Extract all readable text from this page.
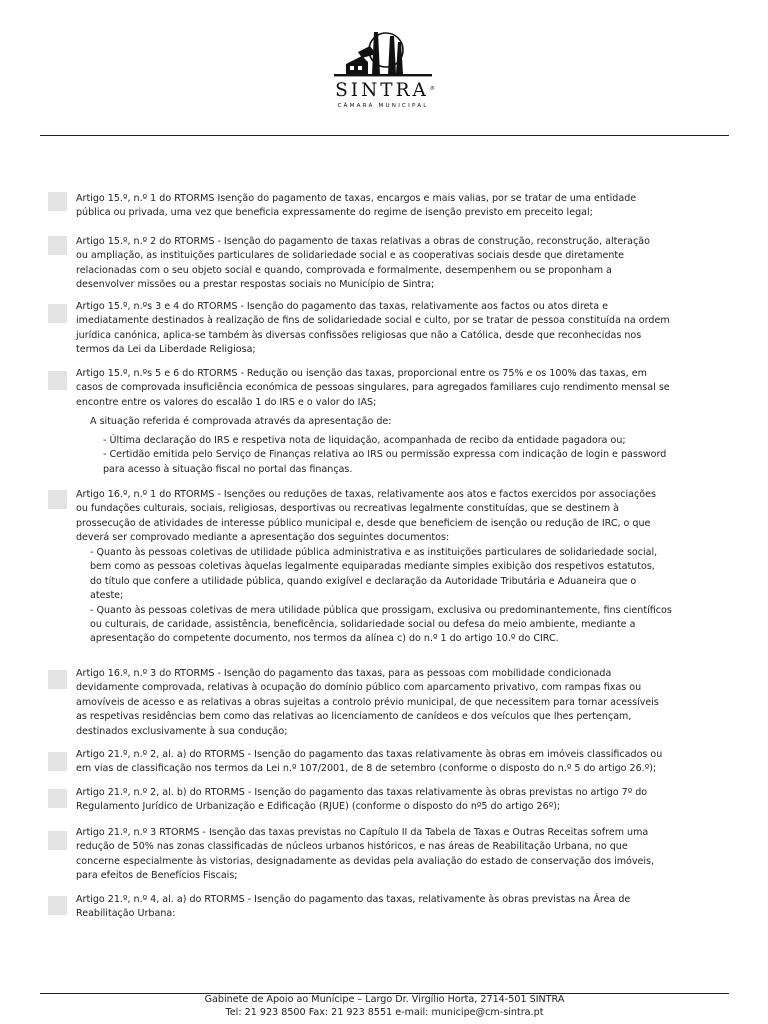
SINTRA ®
CÂMARA MUNICIPAL

Artigo 15.º, n.º 1 do RTORMS Isenção do pagamento de taxas, encargos e mais valias, por se tratar de uma entidade

pública ou privada, uma vez que beneficia expressamente do regime de isenção previsto em preceito legal;

Artigo 15.º, n.º 2 do RTORMS - Isenção do pagamento de taxas relativas a obras de construção, reconstrução, alteração

ou ampliação, as instituições particulares de solidariedade social e as cooperativas sociais desde que diretamente

relacionadas com o seu objeto social e quando, comprovada e formalmente, desempenhem ou se proponham a

desenvolver missões ou a prestar respostas sociais no Município de Sintra;

Artigo 15.º, n.ºs 3 e 4 do RTORMS - Isenção do pagamento das taxas, relativamente aos factos ou atos direta e

imediatamente destinados à realização de fins de solidariedade social e culto, por se tratar de pessoa constituída na ordem

jurídica canónica, aplica-se também às diversas confissões religiosas que não a Católica, desde que reconhecidas nos

termos da Lei da Liberdade Religiosa;

Artigo 15.º, n.ºs 5 e 6 do RTORMS - Redução ou isenção das taxas, proporcional entre os 75% e os 100% das taxas, em

casos de comprovada insuficiência económica de pessoas singulares, para agregados familiares cujo rendimento mensal se

encontre entre os valores do escalão 1 do IRS e o valor do IAS;

A situação referida é comprovada através da apresentação de:

- Última declaração do IRS e respetiva nota de liquidação, acompanhada de recibo da entidade pagadora ou;

- Certidão emitida pelo Serviço de Finanças relativa ao IRS ou permissão expressa com indicação de login e password

para acesso à situação fiscal no portal das finanças.

Artigo 16.º, n.º 1 do RTORMS - Isenções ou reduções de taxas, relativamente aos atos e factos exercidos por associações

ou fundações culturais, sociais, religiosas, desportivas ou recreativas legalmente constituídas, que se destinem à

prossecução de atividades de interesse público municipal e, desde que beneficiem de isenção ou redução de IRC, o que

deverá ser comprovado mediante a apresentação dos seguintes documentos:

- Quanto às pessoas coletivas de utilidade pública administrativa e as instituições particulares de solidariedade social,

bem como as pessoas coletivas àquelas legalmente equiparadas mediante simples exibição dos respetivos estatutos,

do título que confere a utilidade pública, quando exigível e declaração da Autoridade Tributária e Aduaneira que o

ateste;

- Quanto às pessoas coletivas de mera utilidade pública que prossigam, exclusiva ou predominantemente, fins científicos

ou culturais, de caridade, assistência, beneficência, solidariedade social ou defesa do meio ambiente, mediante a

apresentação do competente documento, nos termos da alínea c) do n.º 1 do artigo 10.º do CIRC.

Artigo 16.º, n.º 3 do RTORMS - Isenção do pagamento das taxas, para as pessoas com mobilidade condicionada

devidamente comprovada, relativas à ocupação do domínio público com aparcamento privativo, com rampas fixas ou

amovíveis de acesso e as relativas a obras sujeitas a controlo prévio municipal, de que necessitem para tornar acessíveis

as respetivas residências bem como das relativas ao licenciamento de canídeos e dos veículos que lhes pertençam,

destinados exclusivamente à sua condução;

Artigo 21.º, n.º 2, al. a) do RTORMS - Isenção do pagamento das taxas relativamente às obras em imóveis classificados ou

em vias de classificação nos termos da Lei n.º 107/2001, de 8 de setembro (conforme o disposto do n.º 5 do artigo 26.º);

Artigo 21.º, n.º 2, al. b) do RTORMS - Isenção do pagamento das taxas relativamente às obras previstas no artigo 7º do

Regulamento Jurídico de Urbanização e Edificação (RJUE) (conforme o disposto do nº5 do artigo 26º);

Artigo 21.º, n.º 3 RTORMS - Isenção das taxas previstas no Capítulo II da Tabela de Taxas e Outras Receitas sofrem uma

redução de 50% nas zonas classificadas de núcleos urbanos históricos, e nas áreas de Reabilitação Urbana, no que

concerne especialmente às vistorias, designadamente as devidas pela avaliação do estado de conservação dos imóveis,

para efeitos de Benefícios Fiscais;

Artigo 21.º, n.º 4, al. a) do RTORMS - Isenção do pagamento das taxas, relativamente às obras previstas na Área de

Reabilitação Urbana:

Gabinete de Apoio ao Munícipe – Largo Dr. Virgílio Horta, 2714-501 SINTRA
Tel: 21 923 8500 Fax: 21 923 8551 e-mail: municipe@cm-sintra.pt
